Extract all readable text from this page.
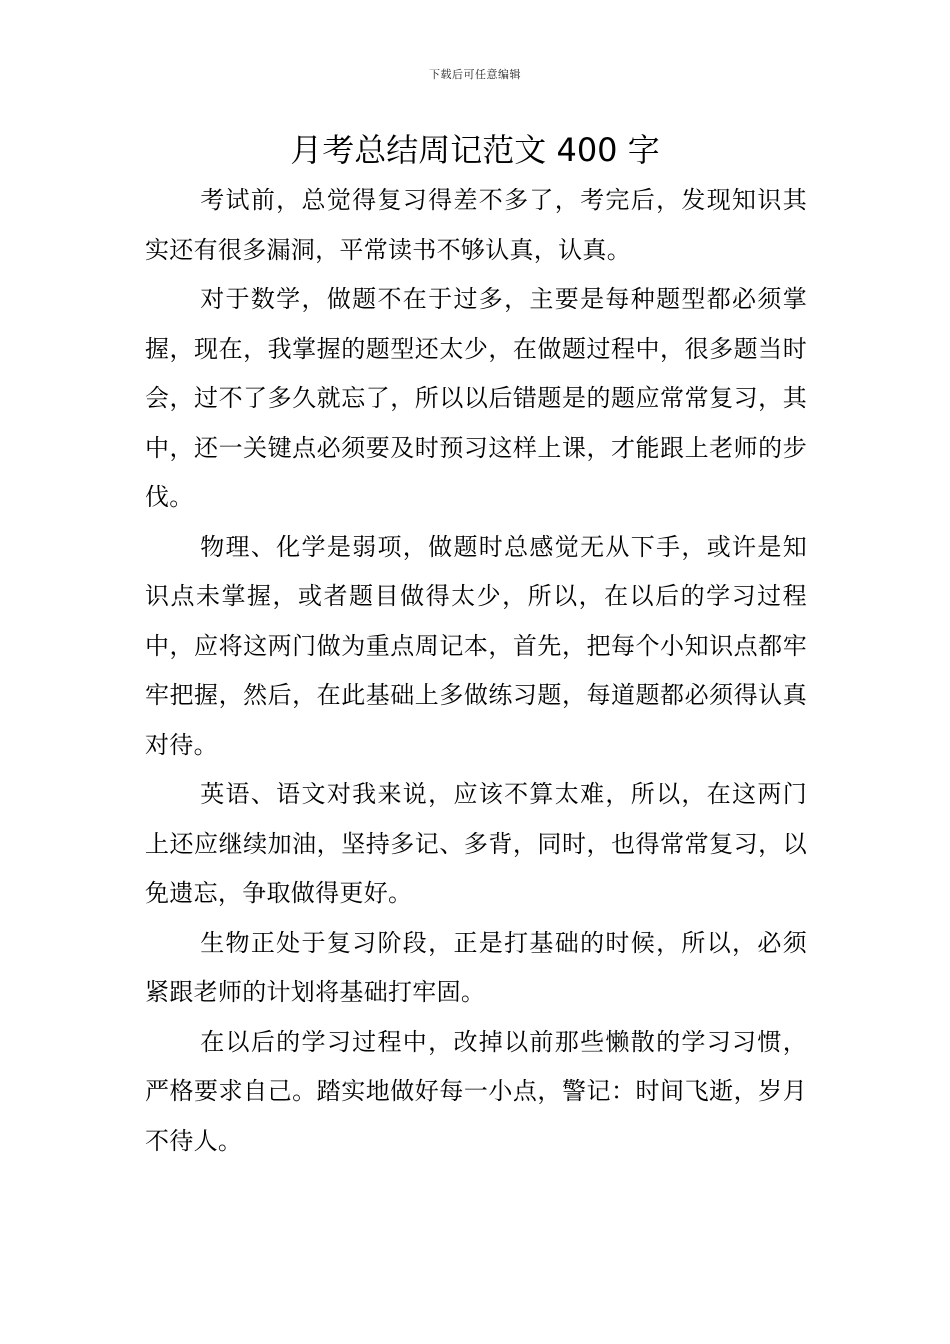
下载后可任意编辑
月考总结周记范文 400 字

考试前，总觉得复习得差不多了，考完后，发现知识其实还有很多漏洞，平常读书不够认真，认真。

对于数学，做题不在于过多，主要是每种题型都必须掌握，现在，我掌握的题型还太少，在做题过程中，很多题当时会，过不了多久就忘了，所以以后错题是的题应常常复习，其中，还一关键点必须要及时预习这样上课，才能跟上老师的步伐。

物理、化学是弱项，做题时总感觉无从下手，或许是知识点未掌握，或者题目做得太少，所以，在以后的学习过程中，应将这两门做为重点周记本，首先，把每个小知识点都牢牢把握，然后，在此基础上多做练习题，每道题都必须得认真对待。

英语、语文对我来说，应该不算太难，所以，在这两门上还应继续加油，坚持多记、多背，同时，也得常常复习，以免遗忘，争取做得更好。

生物正处于复习阶段，正是打基础的时候，所以，必须紧跟老师的计划将基础打牢固。

在以后的学习过程中，改掉以前那些懒散的学习习惯，严格要求自己。踏实地做好每一小点，警记：时间飞逝，岁月不待人。
